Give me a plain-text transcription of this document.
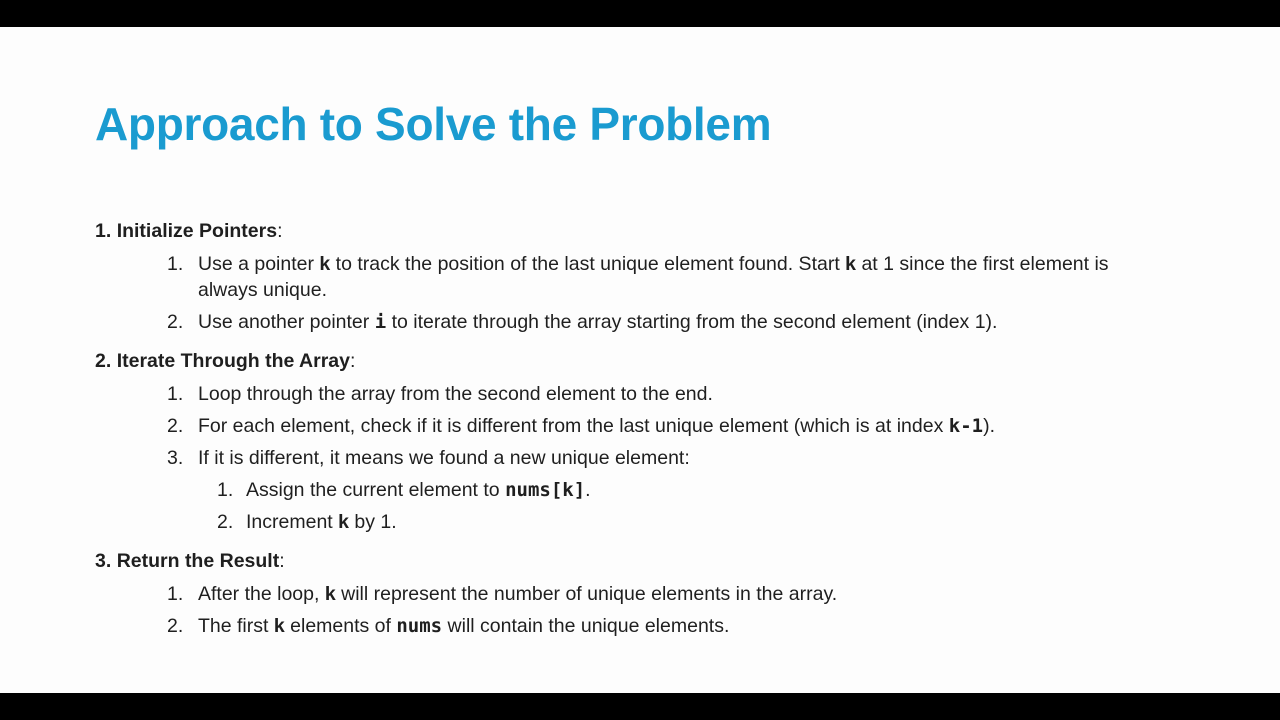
Approach to Solve the Problem

1. Initialize Pointers:

1. Use a pointer k to track the position of the last unique element found. Start k at 1 since the first element is always unique.
2. Use another pointer i to iterate through the array starting from the second element (index 1).

2. Iterate Through the Array:

1. Loop through the array from the second element to the end.
2. For each element, check if it is different from the last unique element (which is at index k-1).
3. If it is different, it means we found a new unique element:
1. Assign the current element to nums[k].
2. Increment k by 1.

3. Return the Result:

1. After the loop, k will represent the number of unique elements in the array.
2. The first k elements of nums will contain the unique elements.
